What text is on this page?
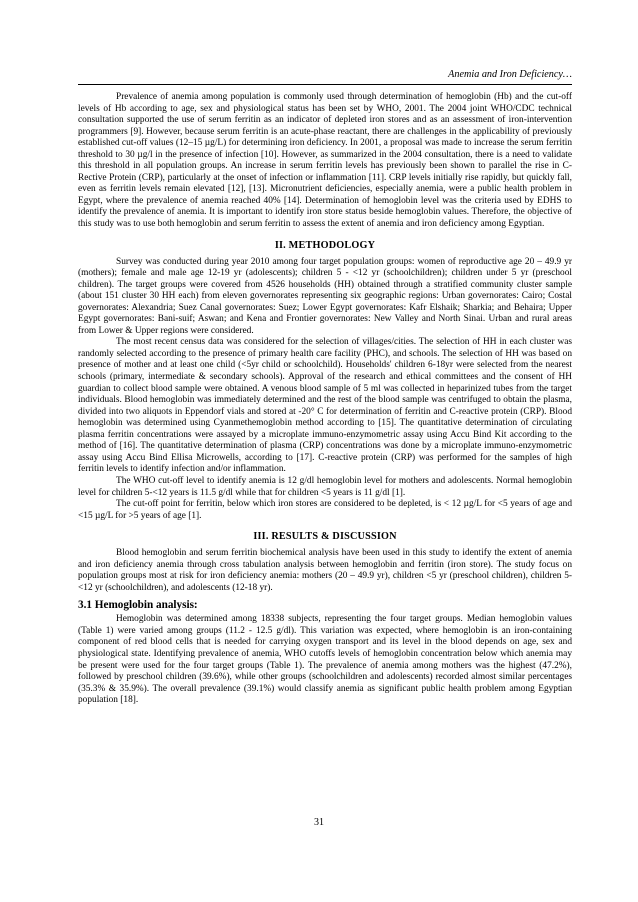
Anemia and Iron Deficiency…

Prevalence of anemia among population is commonly used through determination of hemoglobin (Hb) and the cut-off levels of Hb according to age, sex and physiological status has been set by WHO, 2001. The 2004 joint WHO/CDC technical consultation supported the use of serum ferritin as an indicator of depleted iron stores and as an assessment of iron-intervention programmers [9]. However, because serum ferritin is an acute-phase reactant, there are challenges in the applicability of previously established cut-off values (12–15 µg/L) for determining iron deficiency. In 2001, a proposal was made to increase the serum ferritin threshold to 30 µg/l in the presence of infection [10]. However, as summarized in the 2004 consultation, there is a need to validate this threshold in all population groups. An increase in serum ferritin levels has previously been shown to parallel the rise in C-Rective Protein (CRP), particularly at the onset of infection or inflammation [11]. CRP levels initially rise rapidly, but quickly fall, even as ferritin levels remain elevated [12], [13]. Micronutrient deficiencies, especially anemia, were a public health problem in Egypt, where the prevalence of anemia reached 40% [14]. Determination of hemoglobin level was the criteria used by EDHS to identify the prevalence of anemia. It is important to identify iron store status beside hemoglobin values. Therefore, the objective of this study was to use both hemoglobin and serum ferritin to assess the extent of anemia and iron deficiency among Egyptian.

II. METHODOLOGY

Survey was conducted during year 2010 among four target population groups: women of reproductive age 20 – 49.9 yr (mothers); female and male age 12-19 yr (adolescents); children 5 - <12 yr (schoolchildren); children under 5 yr (preschool children). The target groups were covered from 4526 households (HH) obtained through a stratified community cluster sample (about 151 cluster 30 HH each) from eleven governorates representing six geographic regions: Urban governorates: Cairo; Costal governorates: Alexandria; Suez Canal governorates: Suez; Lower Egypt governorates: Kafr Elshaik; Sharkia; and Behaira; Upper Egypt governorates: Bani-suif; Aswan; and Kena and Frontier governorates: New Valley and North Sinai. Urban and rural areas from Lower & Upper regions were considered.

The most recent census data was considered for the selection of villages/cities. The selection of HH in each cluster was randomly selected according to the presence of primary health care facility (PHC), and schools. The selection of HH was based on presence of mother and at least one child (<5yr child or schoolchild). Households' children 6-18yr were selected from the nearest schools (primary, intermediate & secondary schools). Approval of the research and ethical committees and the consent of HH guardian to collect blood sample were obtained. A venous blood sample of 5 ml was collected in heparinized tubes from the target individuals. Blood hemoglobin was immediately determined and the rest of the blood sample was centrifuged to obtain the plasma, divided into two aliquots in Eppendorf vials and stored at -20° C for determination of ferritin and C-reactive protein (CRP). Blood hemoglobin was determined using Cyanmethemoglobin method according to [15]. The quantitative determination of circulating plasma ferritin concentrations were assayed by a microplate immuno-enzymometric assay using Accu Bind Kit according to the method of [16]. The quantitative determination of plasma (CRP) concentrations was done by a microplate immuno-enzymometric assay using Accu Bind Ellisa Microwells, according to [17]. C-reactive protein (CRP) was performed for the samples of high ferritin levels to identify infection and/or inflammation.

The WHO cut-off level to identify anemia is 12 g/dl hemoglobin level for mothers and adolescents. Normal hemoglobin level for children 5-<12 years is 11.5 g/dl while that for children <5 years is 11 g/dl [1].

The cut-off point for ferritin, below which iron stores are considered to be depleted, is < 12 µg/L for <5 years of age and <15 µg/L for >5 years of age [1].

III. RESULTS & DISCUSSION

Blood hemoglobin and serum ferritin biochemical analysis have been used in this study to identify the extent of anemia and iron deficiency anemia through cross tabulation analysis between hemoglobin and ferritin (iron store). The study focus on population groups most at risk for iron deficiency anemia: mothers (20 – 49.9 yr), children <5 yr (preschool children), children 5-<12 yr (schoolchildren), and adolescents (12-18 yr).

3.1 Hemoglobin analysis:

Hemoglobin was determined among 18338 subjects, representing the four target groups. Median hemoglobin values (Table 1) were varied among groups (11.2 - 12.5 g/dl). This variation was expected, where hemoglobin is an iron-containing component of red blood cells that is needed for carrying oxygen transport and its level in the blood depends on age, sex and physiological state. Identifying prevalence of anemia, WHO cutoffs levels of hemoglobin concentration below which anemia may be present were used for the four target groups (Table 1). The prevalence of anemia among mothers was the highest (47.2%), followed by preschool children (39.6%), while other groups (schoolchildren and adolescents) recorded almost similar percentages (35.3% & 35.9%). The overall prevalence (39.1%) would classify anemia as significant public health problem among Egyptian population [18].

31
